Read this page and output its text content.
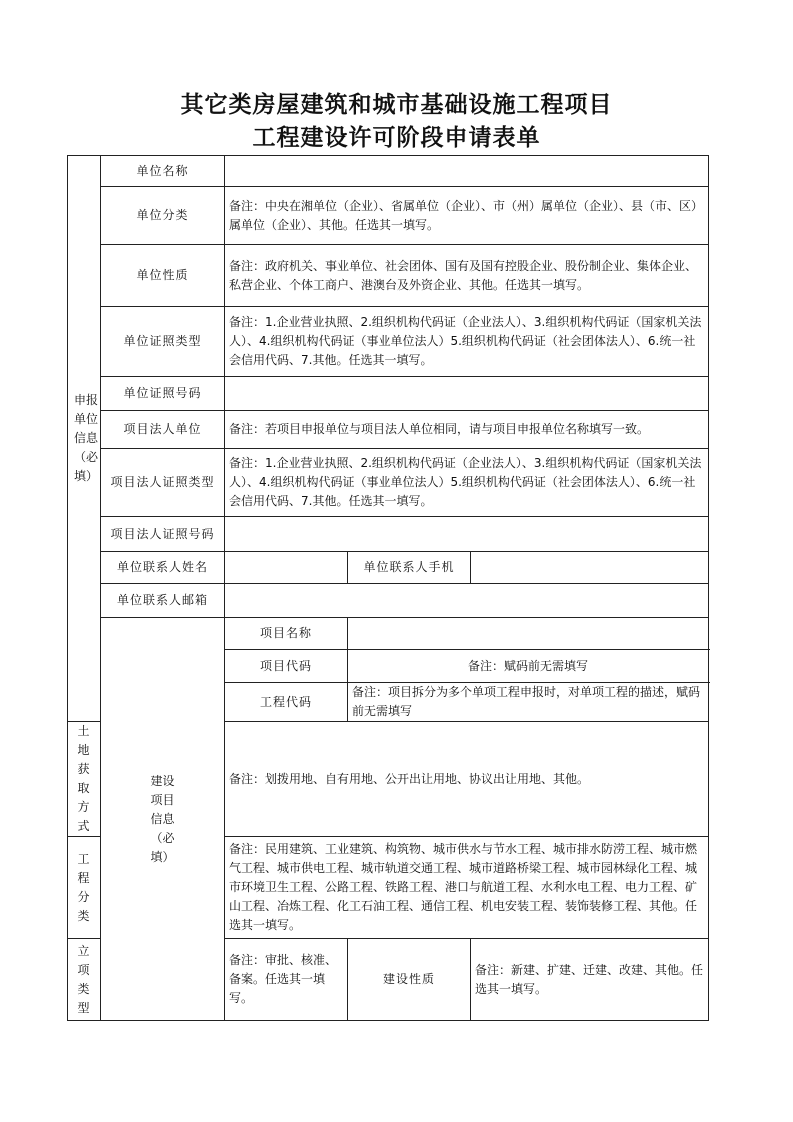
其它类房屋建筑和城市基础设施工程项目
工程建设许可阶段申请表单
申报单位信息（必填）	单位名称			
	单位分类	备注：中央在湘单位（企业）、省属单位（企业）、市（州）属单位（企业）、县（市、区）属单位（企业）、其他。任选其一填写。		
	单位性质	备注：政府机关、事业单位、社会团体、国有及国有控股企业、股份制企业、集体企业、私营企业、个体工商户、港澳台及外资企业、其他。任选其一填写。		
	单位证照类型	备注：1.企业营业执照、2.组织机构代码证（企业法人）、3.组织机构代码证（国家机关法人）、4.组织机构代码证（事业单位法人）5.组织机构代码证（社会团体法人）、6.统一社会信用代码、7.其他。任选其一填写。		
	单位证照号码			
	项目法人单位	备注：若项目申报单位与项目法人单位相同，请与项目申报单位名称填写一致。		
	项目法人证照类型	备注：1.企业营业执照、2.组织机构代码证（企业法人）、3.组织机构代码证（国家机关法人）、4.组织机构代码证（事业单位法人）5.组织机构代码证（社会团体法人）、6.统一社会信用代码、7.其他。任选其一填写。		
	项目法人证照号码			
	单位联系人姓名		单位联系人手机	
	单位联系人邮箱			
	建设项目信息（必填）	项目名称		
		项目代码	备注：赋码前无需填写	
		工程代码	备注：项目拆分为多个单项工程申报时，对单项工程的描述，赋码前无需填写	
土地获取方式		备注：划拨用地、自有用地、公开出让用地、协议出让用地、其他。		
工程分类		备注：民用建筑、工业建筑、构筑物、城市供水与节水工程、城市排水防涝工程、城市燃气工程、城市供电工程、城市轨道交通工程、城市道路桥梁工程、城市园林绿化工程、城市环境卫生工程、公路工程、铁路工程、港口与航道工程、水利水电工程、电力工程、矿山工程、冶炼工程、化工石油工程、通信工程、机电安装工程、装饰装修工程、其他。任选其一填写。		
立项类型		备注：审批、核准、备案。任选其一填写。	建设性质	备注：新建、扩建、迁建、改建、其他。任选其一填写。
